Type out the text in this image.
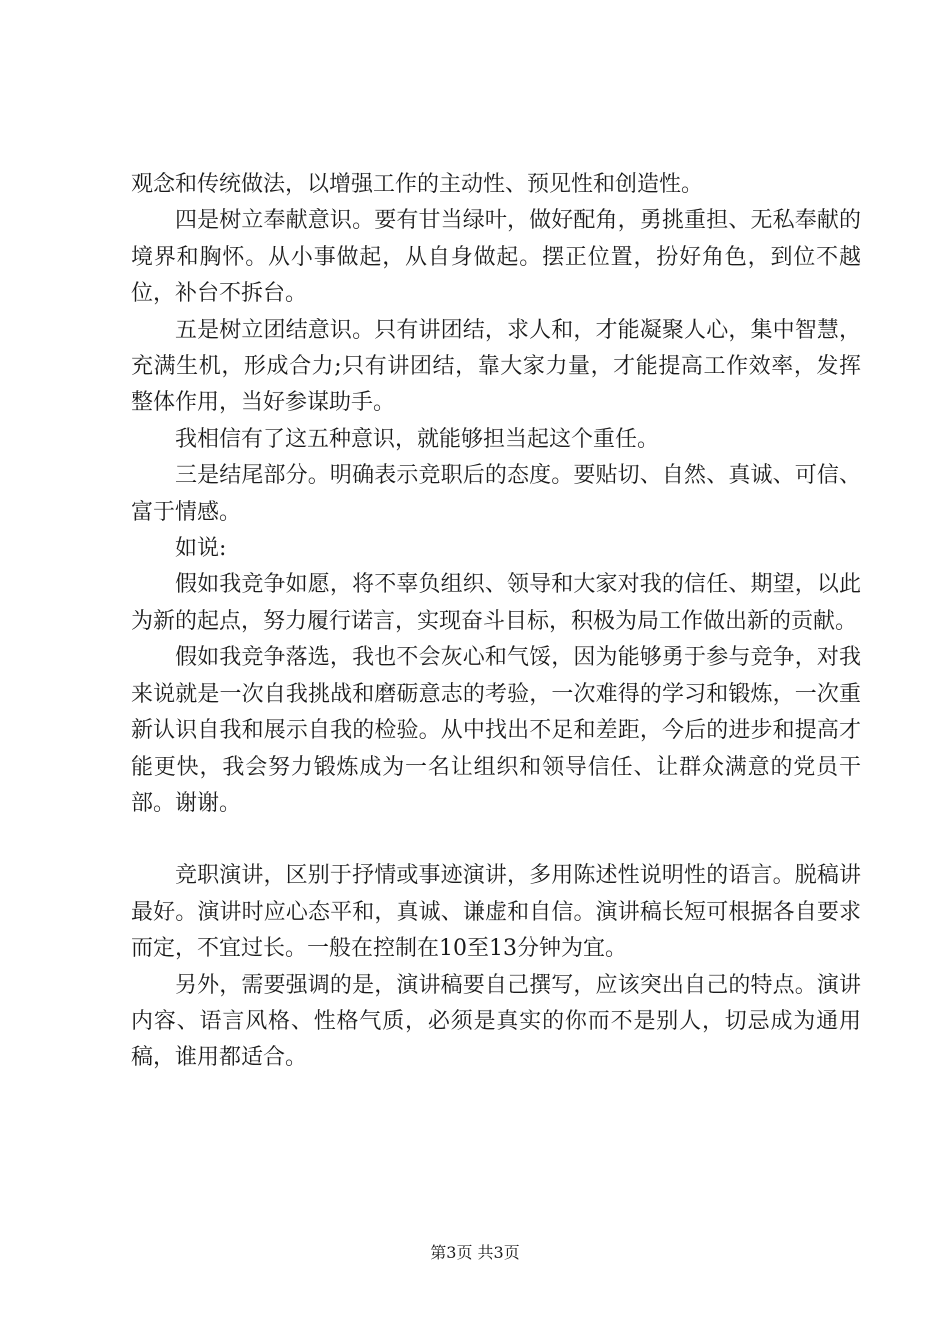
观念和传统做法，以增强工作的主动性、预见性和创造性。

四是树立奉献意识。要有甘当绿叶，做好配角，勇挑重担、无私奉献的境界和胸怀。从小事做起，从自身做起。摆正位置，扮好角色，到位不越位，补台不拆台。

五是树立团结意识。只有讲团结，求人和，才能凝聚人心，集中智慧，充满生机，形成合力;只有讲团结，靠大家力量，才能提高工作效率，发挥整体作用，当好参谋助手。

我相信有了这五种意识，就能够担当起这个重任。

三是结尾部分。明确表示竞职后的态度。要贴切、自然、真诚、可信、富于情感。

如说:

假如我竞争如愿，将不辜负组织、领导和大家对我的信任、期望，以此为新的起点，努力履行诺言，实现奋斗目标，积极为局工作做出新的贡献。

假如我竞争落选，我也不会灰心和气馁，因为能够勇于参与竞争，对我来说就是一次自我挑战和磨砺意志的考验，一次难得的学习和锻炼，一次重新认识自我和展示自我的检验。从中找出不足和差距，今后的进步和提高才能更快，我会努力锻炼成为一名让组织和领导信任、让群众满意的党员干部。谢谢。

竞职演讲，区别于抒情或事迹演讲，多用陈述性说明性的语言。脱稿讲最好。演讲时应心态平和，真诚、谦虚和自信。演讲稿长短可根据各自要求而定，不宜过长。一般在控制在10至13分钟为宜。

另外，需要强调的是，演讲稿要自己撰写，应该突出自己的特点。演讲内容、语言风格、性格气质，必须是真实的你而不是别人，切忌成为通用稿，谁用都适合。

第3页 共3页
